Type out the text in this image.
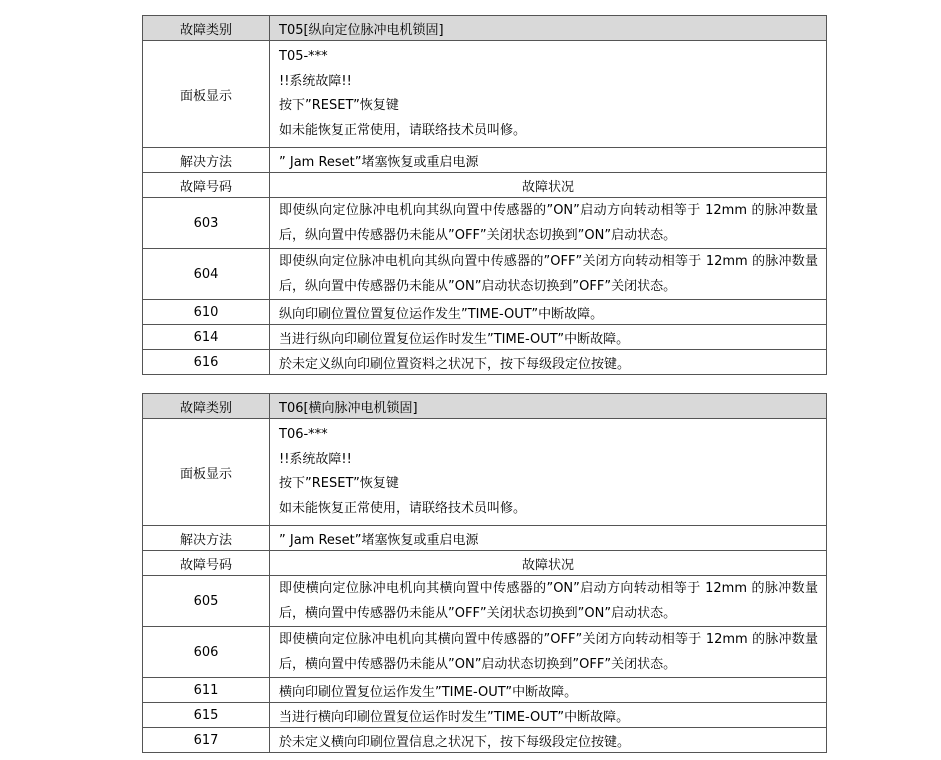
故障类别	T05[纵向定位脉冲电机锁固]
面板显示	T05-***
!!系统故障!!
按下”RESET”恢复键
如未能恢复正常使用，请联络技术员叫修。

解决方法	” Jam Reset”堵塞恢复或重启电源
故障号码	故障状况
603	即使纵向定位脉冲电机向其纵向置中传感器的”ON”启动方向转动相等于 12mm 的脉冲数量后，纵向置中传感器仍未能从”OFF”关闭状态切换到”ON”启动状态。

604	即使纵向定位脉冲电机向其纵向置中传感器的”OFF”关闭方向转动相等于 12mm 的脉冲数量后，纵向置中传感器仍未能从”ON”启动状态切换到”OFF”关闭状态。

610	纵向印刷位置位置复位运作发生”TIME-OUT”中断故障。
614	当进行纵向印刷位置复位运作时发生”TIME-OUT”中断故障。
616	於未定义纵向印刷位置资料之状况下，按下每级段定位按键。
故障类别	T06[横向脉冲电机锁固]
面板显示	T06-***
!!系统故障!!
按下”RESET”恢复键
如未能恢复正常使用，请联络技术员叫修。

解决方法	” Jam Reset”堵塞恢复或重启电源
故障号码	故障状况
605	即使横向定位脉冲电机向其横向置中传感器的”ON”启动方向转动相等于 12mm 的脉冲数量后，横向置中传感器仍未能从”OFF”关闭状态切换到”ON”启动状态。

606	即使横向定位脉冲电机向其横向置中传感器的”OFF”关闭方向转动相等于 12mm 的脉冲数量后，横向置中传感器仍未能从”ON”启动状态切换到”OFF”关闭状态。

611	横向印刷位置复位运作发生”TIME-OUT”中断故障。
615	当进行横向印刷位置复位运作时发生”TIME-OUT”中断故障。
617	於未定义横向印刷位置信息之状况下，按下每级段定位按键。
